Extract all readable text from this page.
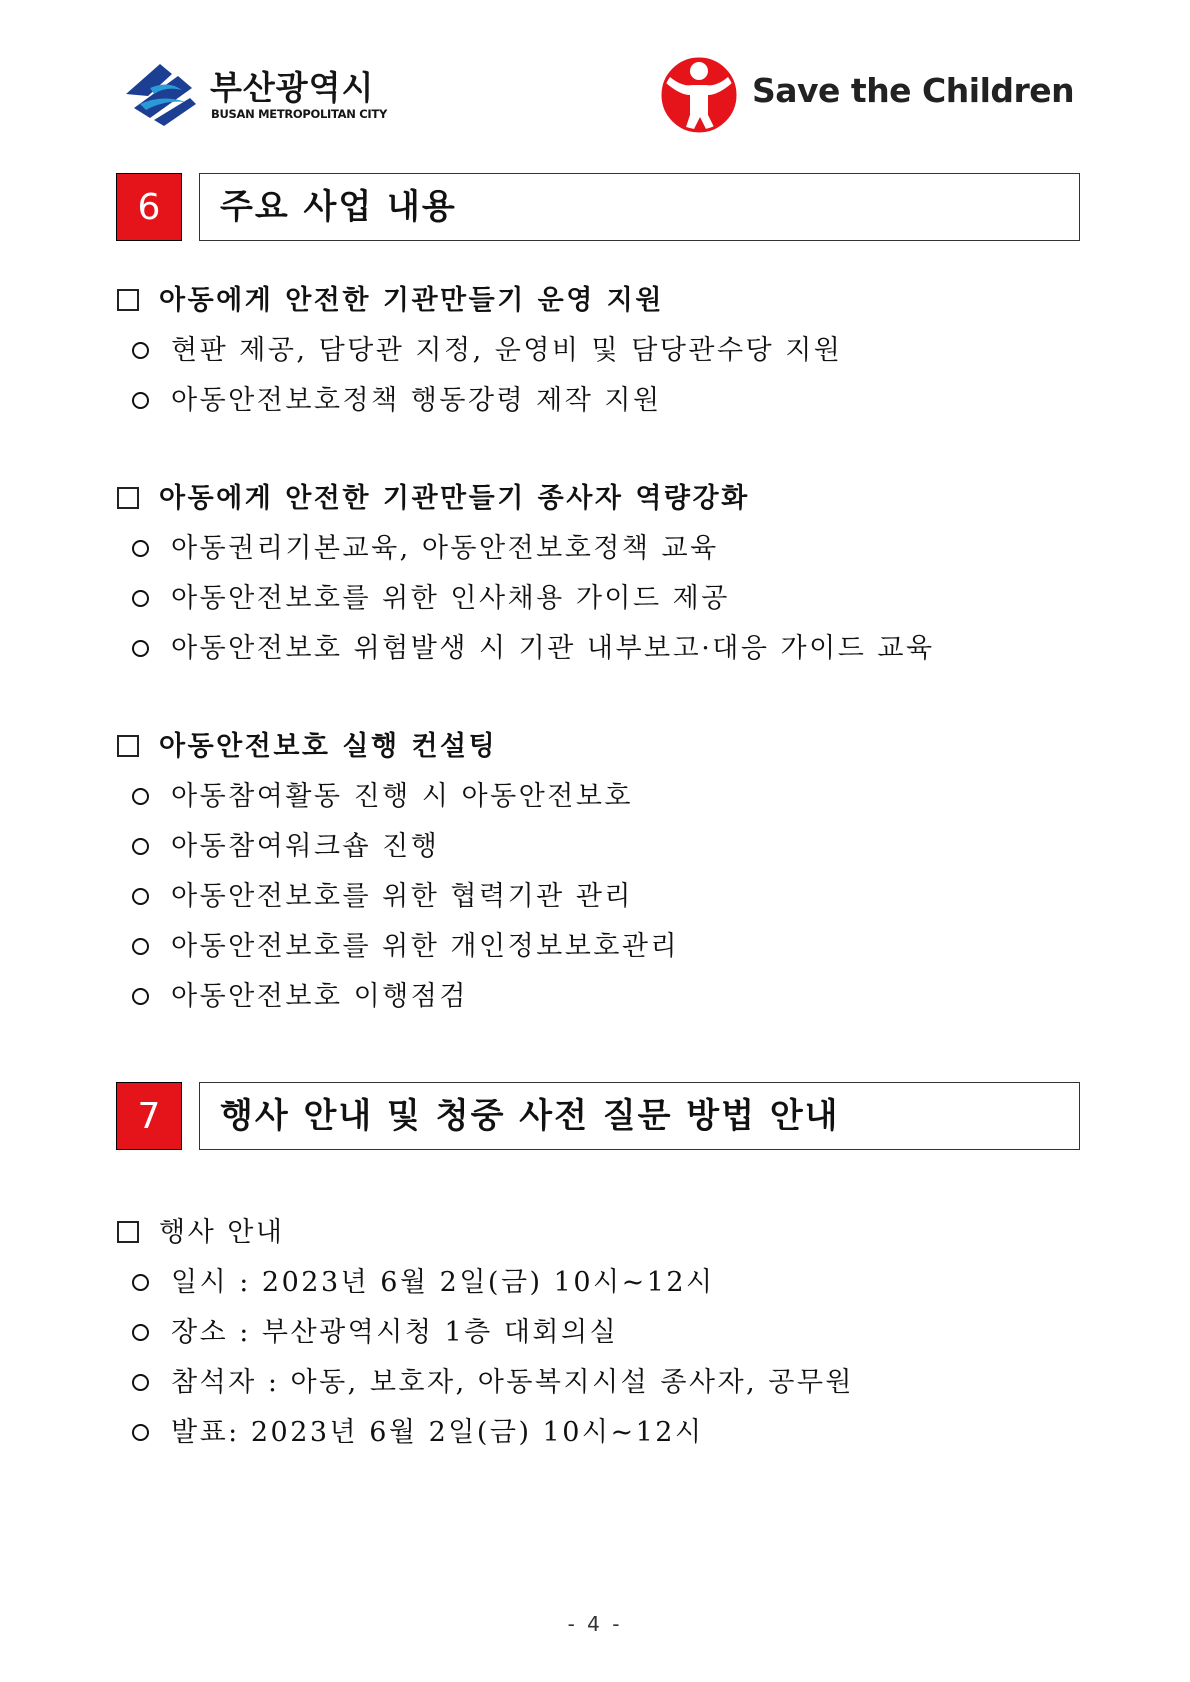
부산광역시
BUSAN METROPOLITAN CITY
Save the Children
6	주요 사업 내용
아동에게 안전한 기관만들기 운영 지원
현판 제공, 담당관 지정, 운영비 및 담당관수당 지원
아동안전보호정책 행동강령 제작 지원
아동에게 안전한 기관만들기 종사자 역량강화
아동권리기본교육, 아동안전보호정책 교육
아동안전보호를 위한 인사채용 가이드 제공
아동안전보호 위험발생 시 기관 내부보고·대응 가이드 교육
아동안전보호 실행 컨설팅
아동참여활동 진행 시 아동안전보호
아동참여워크숍 진행
아동안전보호를 위한 협력기관 관리
아동안전보호를 위한 개인정보보호관리
아동안전보호 이행점검
7	행사 안내 및 청중 사전 질문 방법 안내
행사 안내
일시 : 2023년 6월 2일(금) 10시~12시
장소 : 부산광역시청 1층 대회의실
참석자 : 아동, 보호자, 아동복지시설 종사자, 공무원
발표: 2023년 6월 2일(금) 10시~12시
- 4 -
